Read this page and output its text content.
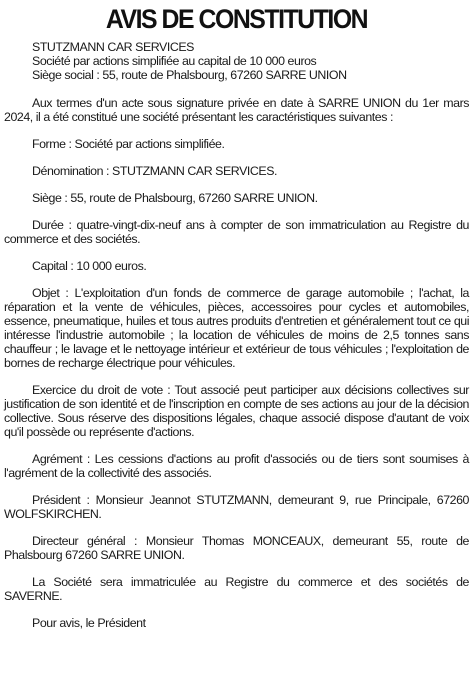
AVIS DE CONSTITUTION

STUTZMANN CAR SERVICES

Société par actions simplifiée au capital de 10 000 euros

Siège social : 55, route de Phalsbourg, 67260 SARRE UNION

Aux termes d'un acte sous signature privée en date à SARRE UNION du 1er mars 2024, il a été constitué une société présentant les caractéristiques suivantes :

Forme : Société par actions simplifiée.

Dénomination : STUTZMANN CAR SERVICES.

Siège : 55, route de Phalsbourg, 67260 SARRE UNION.

Durée : quatre-vingt-dix-neuf ans à compter de son immatriculation au Registre du commerce et des sociétés.

Capital : 10 000 euros.

Objet : L'exploitation d'un fonds de commerce de garage automobile ; l'achat, la réparation et la vente de véhicules, pièces, accessoires pour cycles et automobiles, essence, pneumatique, huiles et tous autres produits d'entretien et généralement tout ce qui intéresse l'industrie automobile ; la location de véhicules de moins de 2,5 tonnes sans chauffeur ; le lavage et le nettoyage intérieur et extérieur de tous véhicules ; l'exploitation de bornes de recharge électrique pour véhicules.

Exercice du droit de vote : Tout associé peut participer aux décisions collectives sur justification de son identité et de l'inscription en compte de ses actions au jour de la décision collective. Sous réserve des dispositions légales, chaque associé dispose d'autant de voix qu'il possède ou représente d'actions.

Agrément : Les cessions d'actions au profit d'associés ou de tiers sont soumises à l'agrément de la collectivité des associés.

Président : Monsieur Jeannot STUTZMANN, demeurant 9, rue Principale, 67260 WOLFSKIRCHEN.

Directeur général : Monsieur Thomas MONCEAUX, demeurant 55, route de Phalsbourg 67260 SARRE UNION.

La Société sera immatriculée au Registre du commerce et des sociétés de SAVERNE.

Pour avis, le Président
